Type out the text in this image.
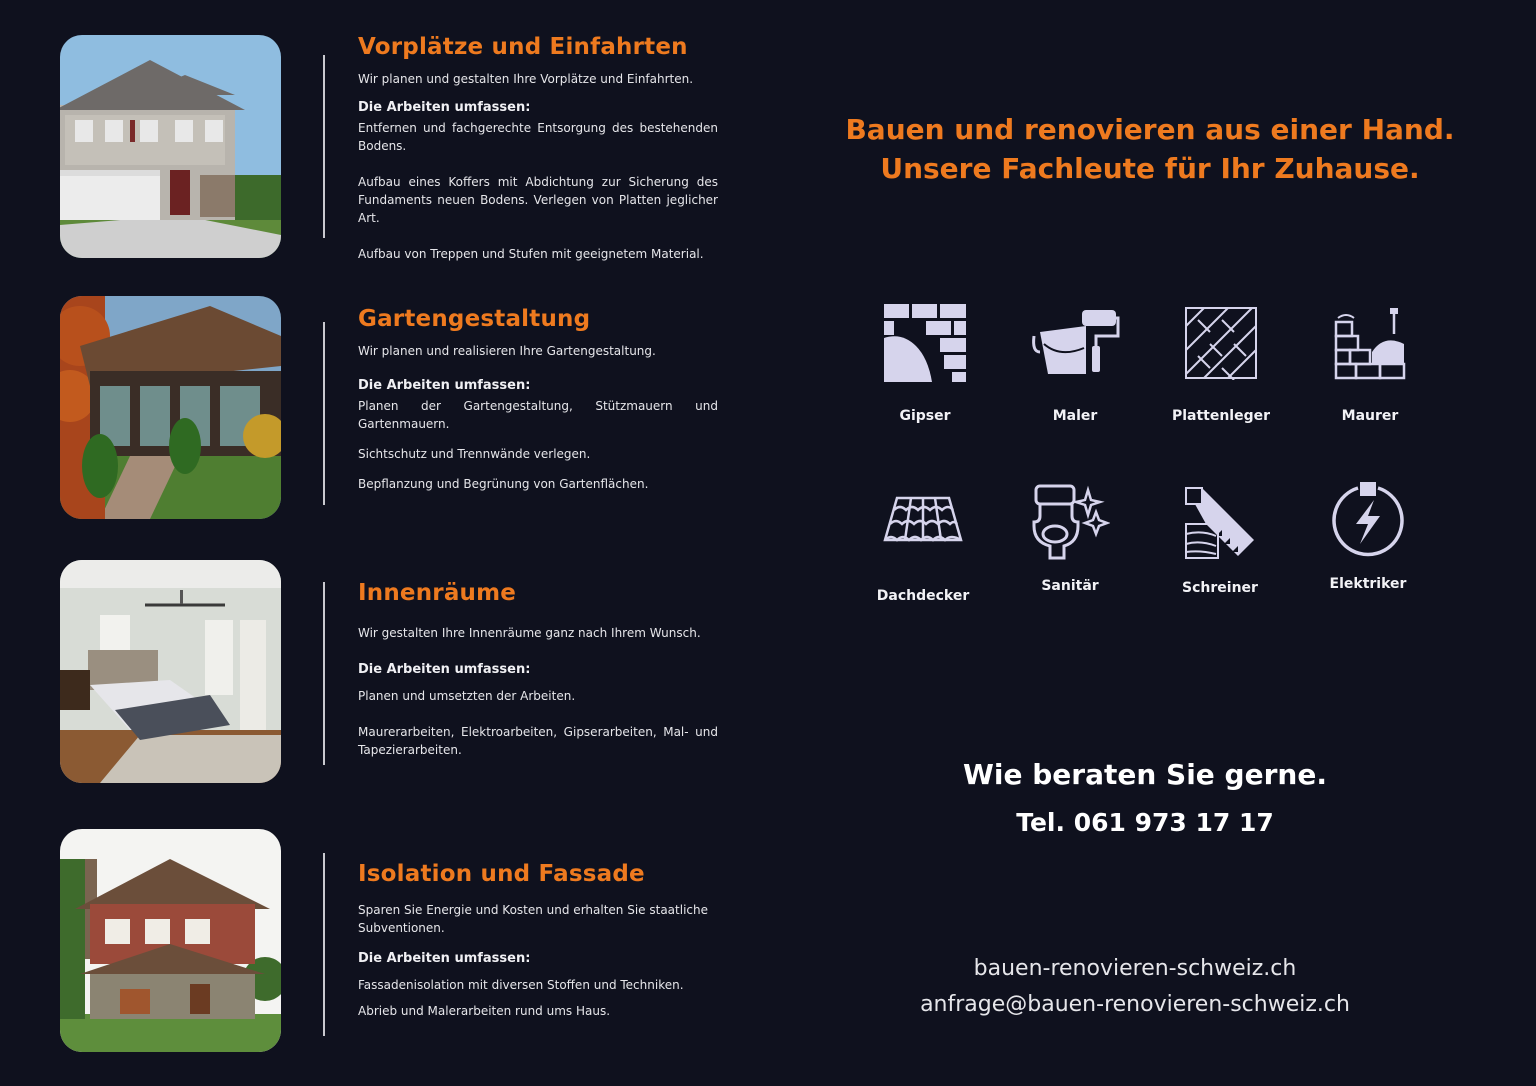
Vorplätze und Einfahrten

Wir planen und gestalten Ihre Vorplätze und Einfahrten.

Die Arbeiten umfassen:

Entfernen und fachgerechte Entsorgung des bestehenden Bodens.

Aufbau eines Koffers mit Abdichtung zur Sicherung des Fundaments neuen Bodens. Verlegen von Platten jeglicher Art.

Aufbau von Treppen und Stufen mit geeignetem Material.

Gartengestaltung

Wir planen und realisieren Ihre Gartengestaltung.

Die Arbeiten umfassen:

Planen der Gartengestaltung, Stützmauern und Gartenmauern.

Sichtschutz und Trennwände verlegen.

Bepflanzung und Begrünung von Gartenflächen.

Innenräume

Wir gestalten Ihre Innenräume ganz nach Ihrem Wunsch.

Die Arbeiten umfassen:

Planen und umsetzten der Arbeiten.

Maurerarbeiten, Elektroarbeiten, Gipserarbeiten, Mal- und Tapezierarbeiten.

Isolation und Fassade

Sparen Sie Energie und Kosten und erhalten Sie staatliche Subventionen.

Die Arbeiten umfassen:

Fassadenisolation mit diversen Stoffen und Techniken.

Abrieb und Malerarbeiten rund ums Haus.

Bauen und renovieren aus einer Hand.
Unsere Fachleute für Ihr Zuhause.
Gipser	Maler	Plattenleger	Maurer
Dachdecker
Sanitär	Schreiner	Elektriker
Wie beraten Sie gerne.
Tel. 061 973 17 17
bauen-renovieren-schweiz.ch
anfrage@bauen-renovieren-schweiz.ch
